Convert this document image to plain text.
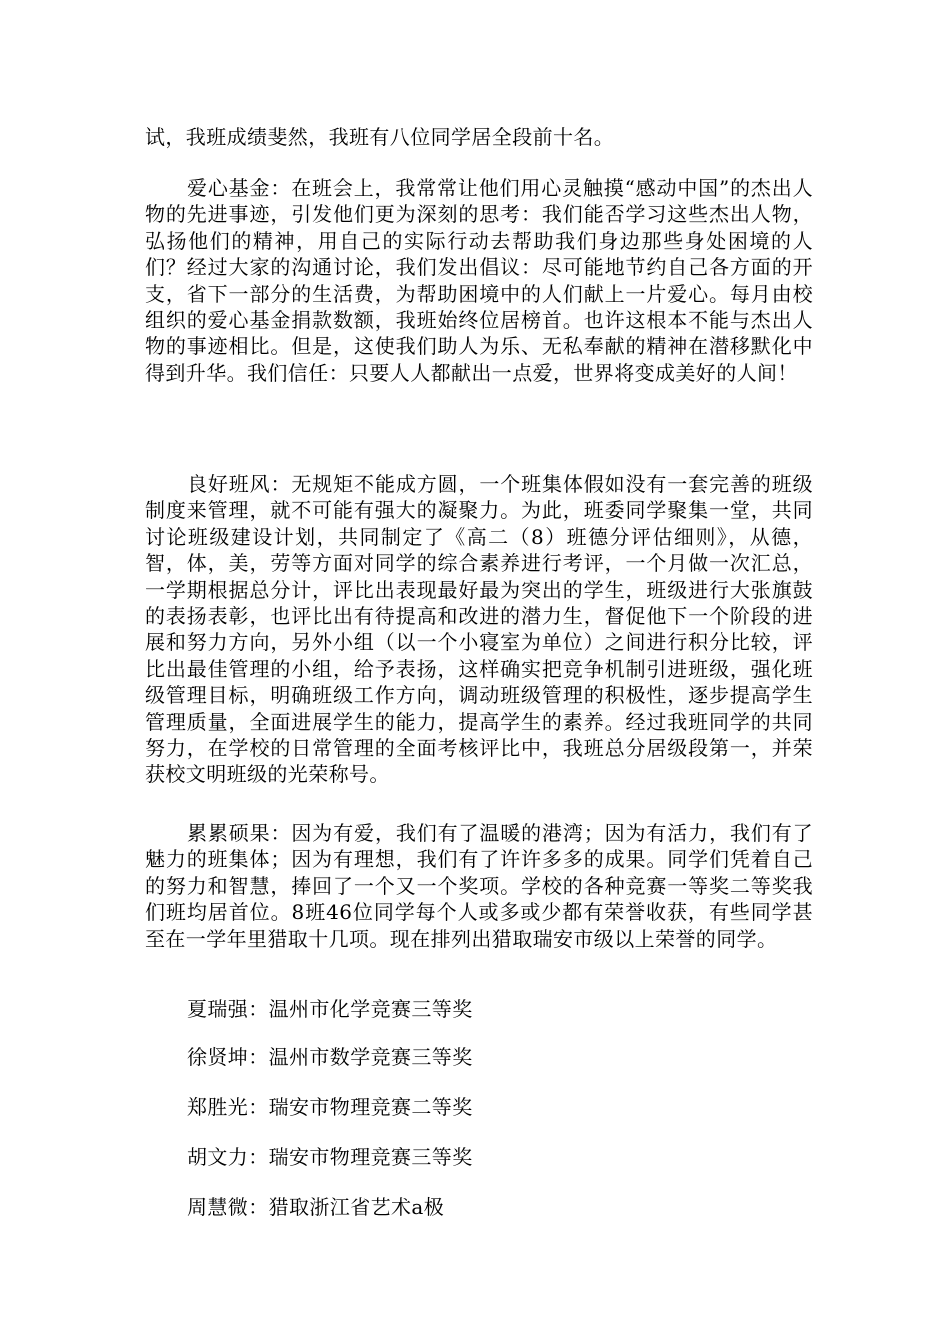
试，我班成绩斐然，我班有八位同学居全段前十名。

爱心基金：在班会上，我常常让他们用心灵触摸“感动中国”的杰出人物的先进事迹，引发他们更为深刻的思考：我们能否学习这些杰出人物，弘扬他们的精神，用自己的实际行动去帮助我们身边那些身处困境的人们？经过大家的沟通讨论，我们发出倡议：尽可能地节约自己各方面的开支，省下一部分的生活费，为帮助困境中的人们献上一片爱心。每月由校组织的爱心基金捐款数额，我班始终位居榜首。也许这根本不能与杰出人物的事迹相比。但是，这使我们助人为乐、无私奉献的精神在潜移默化中得到升华。我们信任：只要人人都献出一点爱，世界将变成美好的人间！

良好班风：无规矩不能成方圆，一个班集体假如没有一套完善的班级制度来管理，就不可能有强大的凝聚力。为此，班委同学聚集一堂，共同讨论班级建设计划，共同制定了《高二（8）班德分评估细则》，从德，智，体，美，劳等方面对同学的综合素养进行考评，一个月做一次汇总，一学期根据总分计，评比出表现最好最为突出的学生，班级进行大张旗鼓的表扬表彰，也评比出有待提高和改进的潜力生，督促他下一个阶段的进展和努力方向，另外小组（以一个小寝室为单位）之间进行积分比较，评比出最佳管理的小组，给予表扬，这样确实把竞争机制引进班级，强化班级管理目标，明确班级工作方向，调动班级管理的积极性，逐步提高学生管理质量，全面进展学生的能力，提高学生的素养。经过我班同学的共同努力，在学校的日常管理的全面考核评比中，我班总分居级段第一，并荣获校文明班级的光荣称号。

累累硕果：因为有爱，我们有了温暖的港湾；因为有活力，我们有了魅力的班集体；因为有理想，我们有了许许多多的成果。同学们凭着自己的努力和智慧，捧回了一个又一个奖项。学校的各种竞赛一等奖二等奖我们班均居首位。8班46位同学每个人或多或少都有荣誉收获，有些同学甚至在一学年里猎取十几项。现在排列出猎取瑞安市级以上荣誉的同学。

夏瑞强：温州市化学竞赛三等奖
徐贤坤：温州市数学竞赛三等奖
郑胜光：瑞安市物理竞赛二等奖
胡文力：瑞安市物理竞赛三等奖
周慧微：猎取浙江省艺术a极
